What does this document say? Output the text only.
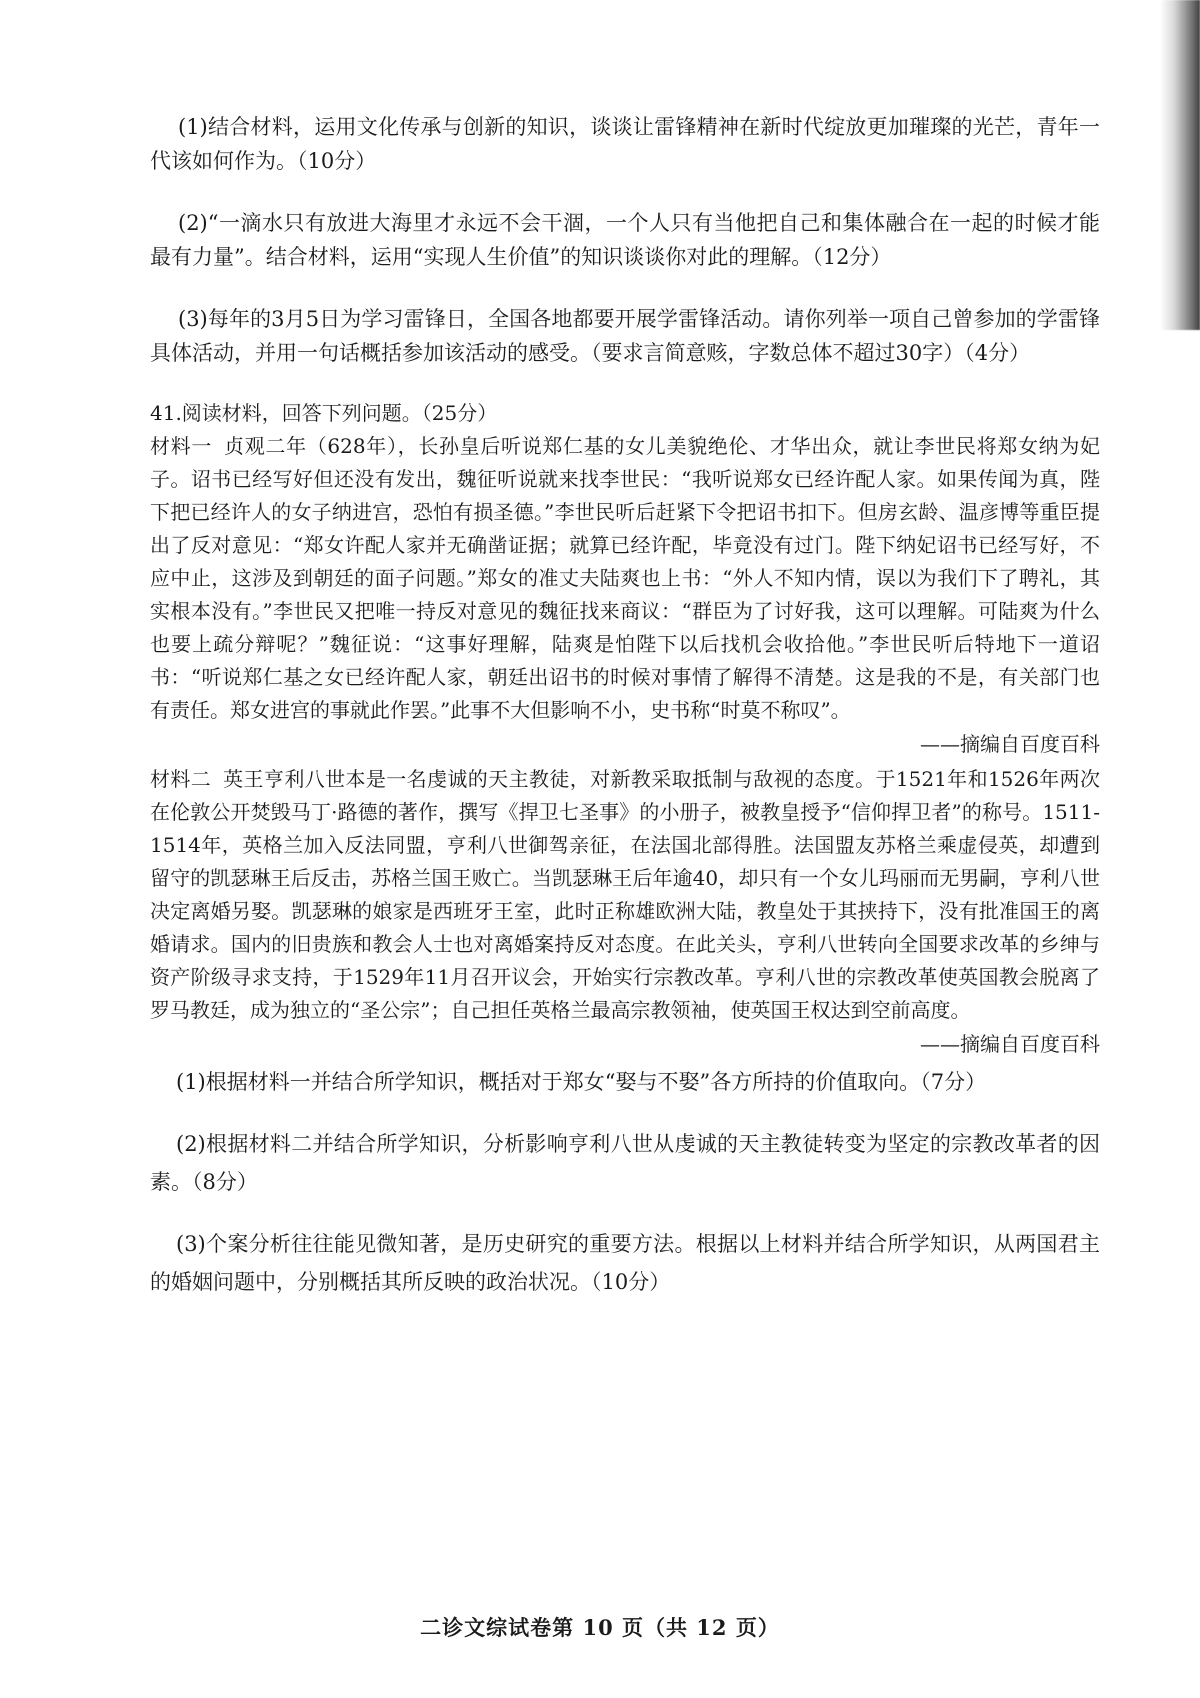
(1)结合材料，运用文化传承与创新的知识，谈谈让雷锋精神在新时代绽放更加璀璨的光芒，青年一代该如何作为。（10分）

(2)“一滴水只有放进大海里才永远不会干涸，一个人只有当他把自己和集体融合在一起的时候才能最有力量”。结合材料，运用“实现人生价值”的知识谈谈你对此的理解。（12分）

(3)每年的3月5日为学习雷锋日，全国各地都要开展学雷锋活动。请你列举一项自己曾参加的学雷锋具体活动，并用一句话概括参加该活动的感受。（要求言简意赅，字数总体不超过30字）（4分）

41.阅读材料，回答下列问题。（25分）

材料一 贞观二年（628年），长孙皇后听说郑仁基的女儿美貌绝伦、才华出众，就让李世民将郑女纳为妃子。诏书已经写好但还没有发出，魏征听说就来找李世民：“我听说郑女已经许配人家。如果传闻为真，陛下把已经许人的女子纳进宫，恐怕有损圣德。”李世民听后赶紧下令把诏书扣下。但房玄龄、温彦博等重臣提出了反对意见：“郑女许配人家并无确凿证据；就算已经许配，毕竟没有过门。陛下纳妃诏书已经写好，不应中止，这涉及到朝廷的面子问题。”郑女的准丈夫陆爽也上书：“外人不知内情，误以为我们下了聘礼，其实根本没有。”李世民又把唯一持反对意见的魏征找来商议：“群臣为了讨好我，这可以理解。可陆爽为什么也要上疏分辩呢？”魏征说：“这事好理解，陆爽是怕陛下以后找机会收拾他。”李世民听后特地下一道诏书：“听说郑仁基之女已经许配人家，朝廷出诏书的时候对事情了解得不清楚。这是我的不是，有关部门也有责任。郑女进宫的事就此作罢。”此事不大但影响不小，史书称“时莫不称叹”。

——摘编自百度百科

材料二 英王亨利八世本是一名虔诚的天主教徒，对新教采取抵制与敌视的态度。于1521年和1526年两次在伦敦公开焚毁马丁·路德的著作，撰写《捍卫七圣事》的小册子，被教皇授予“信仰捍卫者”的称号。1511-1514年，英格兰加入反法同盟，亨利八世御驾亲征，在法国北部得胜。法国盟友苏格兰乘虚侵英，却遭到留守的凯瑟琳王后反击，苏格兰国王败亡。当凯瑟琳王后年逾40，却只有一个女儿玛丽而无男嗣，亨利八世决定离婚另娶。凯瑟琳的娘家是西班牙王室，此时正称雄欧洲大陆，教皇处于其挟持下，没有批准国王的离婚请求。国内的旧贵族和教会人士也对离婚案持反对态度。在此关头，亨利八世转向全国要求改革的乡绅与资产阶级寻求支持，于1529年11月召开议会，开始实行宗教改革。亨利八世的宗教改革使英国教会脱离了罗马教廷，成为独立的“圣公宗”；自己担任英格兰最高宗教领袖，使英国王权达到空前高度。

——摘编自百度百科

(1)根据材料一并结合所学知识，概括对于郑女“娶与不娶”各方所持的价值取向。（7分）

(2)根据材料二并结合所学知识，分析影响亨利八世从虔诚的天主教徒转变为坚定的宗教改革者的因素。（8分）

(3)个案分析往往能见微知著，是历史研究的重要方法。根据以上材料并结合所学知识，从两国君主的婚姻问题中，分别概括其所反映的政治状况。（10分）

二诊文综试卷第 10 页（共 12 页）
